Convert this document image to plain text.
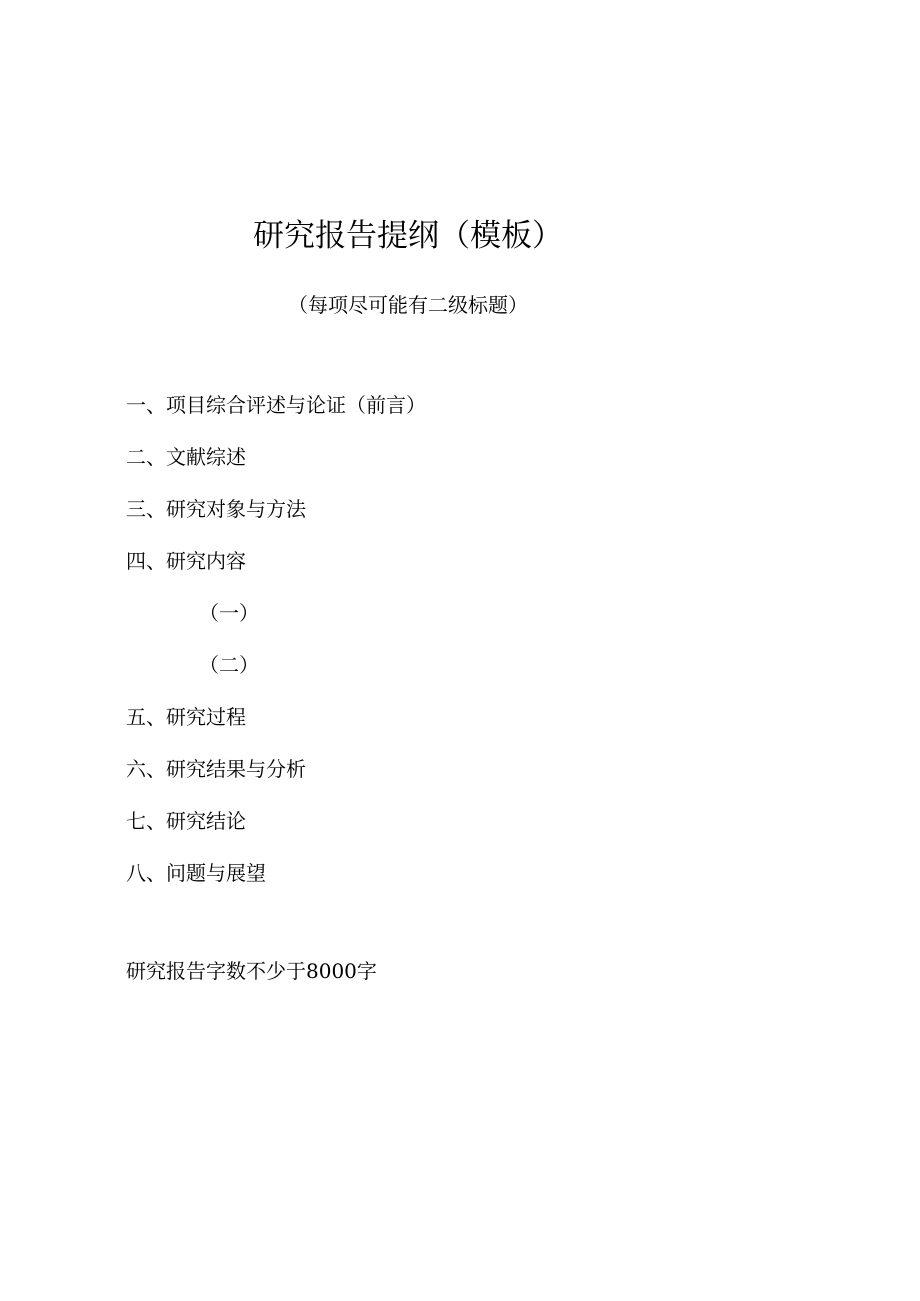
研究报告提纲（模板）
（每项尽可能有二级标题）
一、项目综合评述与论证（前言）
二、文献综述
三、研究对象与方法
四、研究内容
（一）
（二）
五、研究过程
六、研究结果与分析
七、研究结论
八、问题与展望
研究报告字数不少于8000字
